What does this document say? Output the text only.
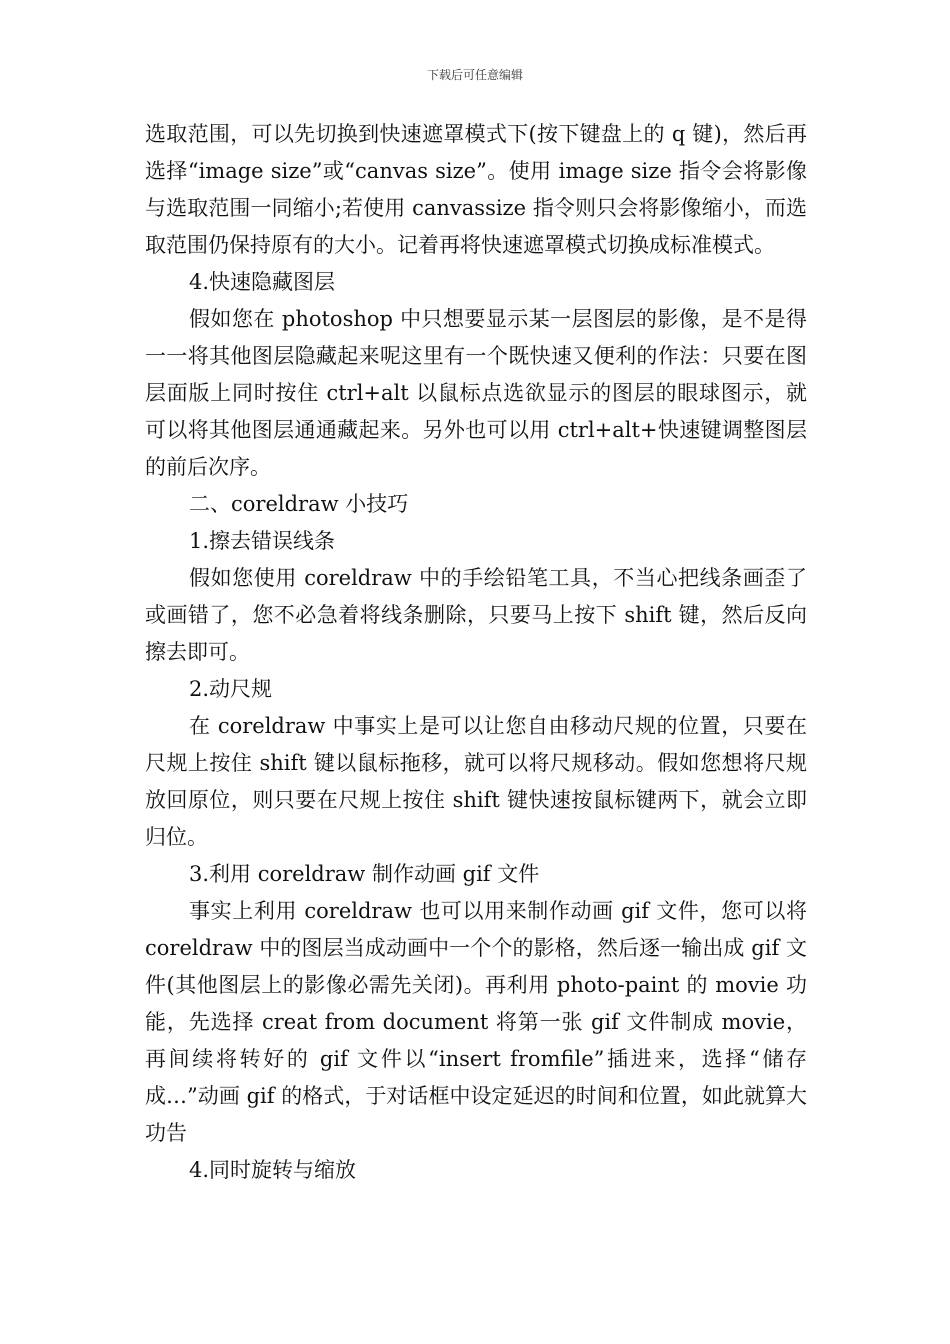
下载后可任意编辑

选取范围，可以先切换到快速遮罩模式下(按下键盘上的 q 键)，然后再选择“image size”或“canvas size”。使用 image size 指令会将影像与选取范围一同缩小;若使用 canvassize 指令则只会将影像缩小，而选取范围仍保持原有的大小。记着再将快速遮罩模式切换成标准模式。

4.快速隐藏图层

假如您在 photoshop 中只想要显示某一层图层的影像，是不是得一一将其他图层隐藏起来呢这里有一个既快速又便利的作法：只要在图层面版上同时按住 ctrl+alt 以鼠标点选欲显示的图层的眼球图示，就可以将其他图层通通藏起来。另外也可以用 ctrl+alt+快速键调整图层的前后次序。

二、coreldraw 小技巧

1.擦去错误线条

假如您使用 coreldraw 中的手绘铅笔工具，不当心把线条画歪了或画错了，您不必急着将线条删除，只要马上按下 shift 键，然后反向擦去即可。

2.动尺规

在 coreldraw 中事实上是可以让您自由移动尺规的位置，只要在尺规上按住 shift 键以鼠标拖移，就可以将尺规移动。假如您想将尺规放回原位，则只要在尺规上按住 shift 键快速按鼠标键两下，就会立即归位。

3.利用 coreldraw 制作动画 gif 文件

事实上利用 coreldraw 也可以用来制作动画 gif 文件，您可以将 coreldraw 中的图层当成动画中一个个的影格，然后逐一输出成 gif 文件(其他图层上的影像必需先关闭)。再利用 photo-paint 的 movie 功能，先选择 creat from document 将第一张 gif 文件制成 movie，再间续将转好的 gif 文件以“insert fromfile”插进来，选择“储存成…”动画 gif 的格式，于对话框中设定延迟的时间和位置，如此就算大功告

4.同时旋转与缩放
